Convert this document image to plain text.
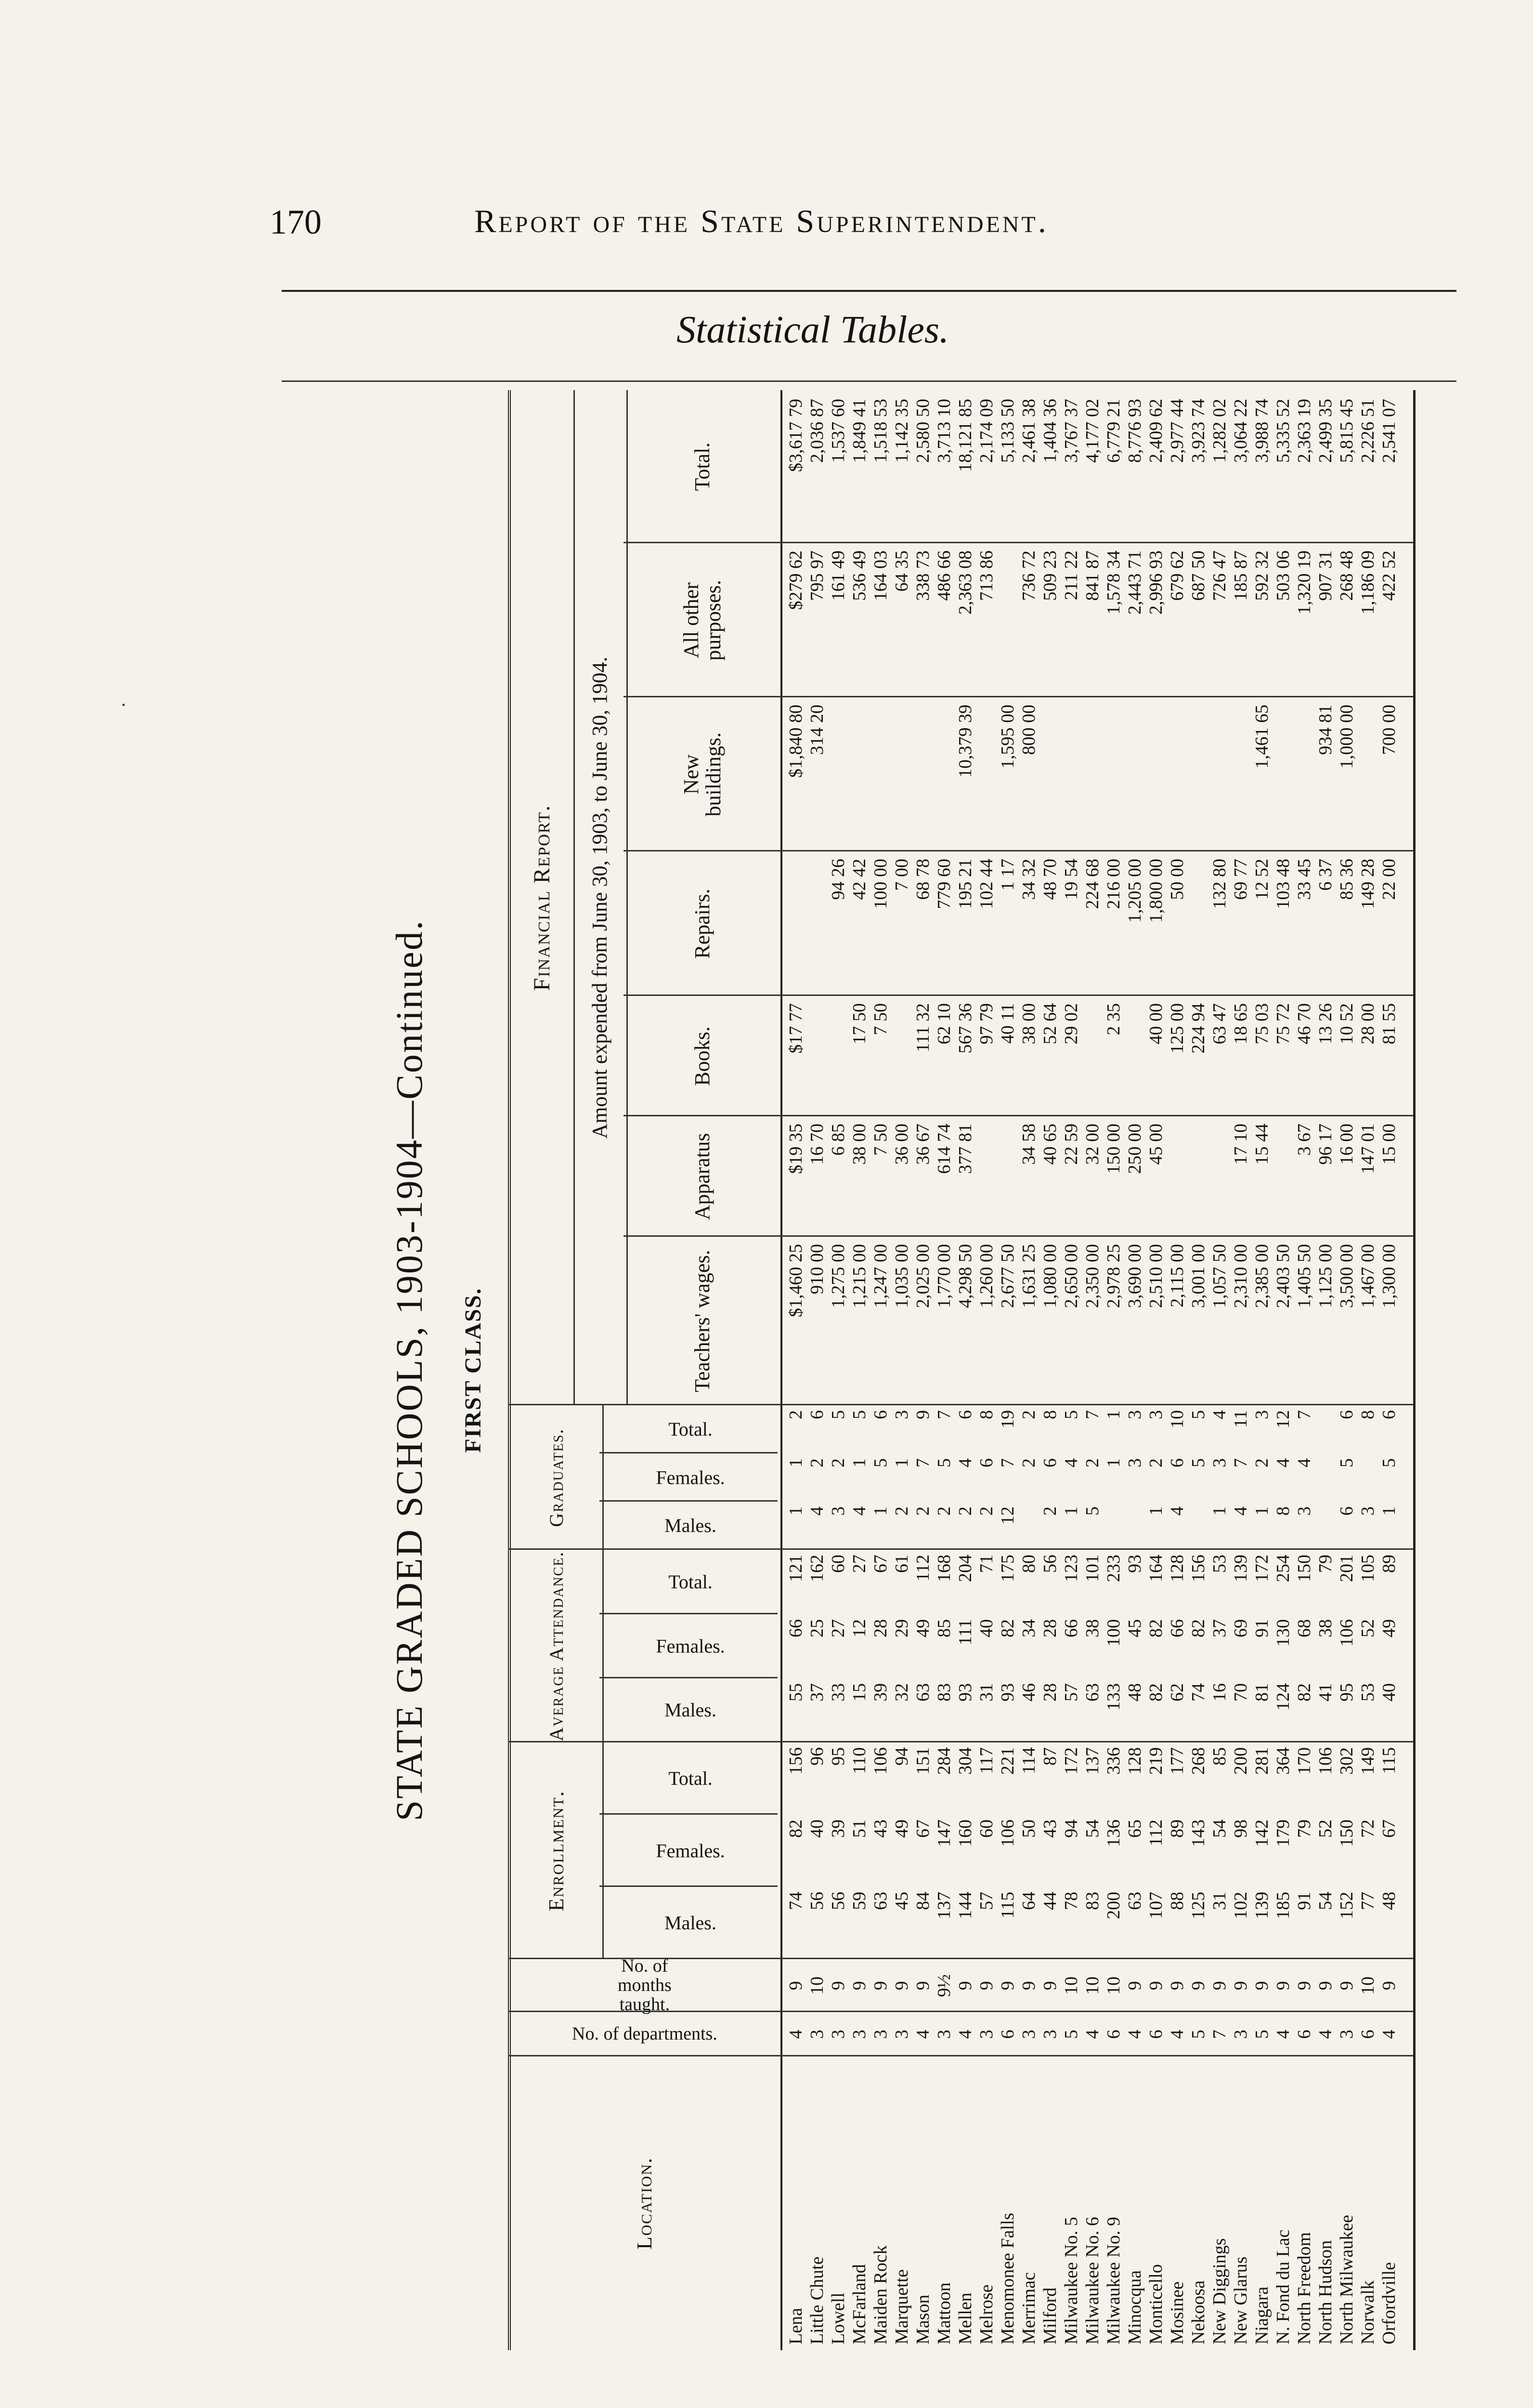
170	Report of the State Superintendent.
Statistical Tables.
STATE GRADED SCHOOLS, 1903-1904—Continued.	FIRST CLASS.
Location.
No. of departments.
No. of months taught.
Enrollment.
Average Attendance.
Graduates.
Financial Report. Amount expended from June 30, 1903, to June 30, 1904.
Males.
Females.
Total.
Males.
Females.
Total.
Males.
Females.
Total.
Teachers' wages.
Apparatus
Books.
Repairs.
New buildings.
All other purposes.
Total.
Lena
4
9
74
82
156
55
66
121
1
1
2
$1,460 25
$19 35
$17 77
$1,840 80
$279 62
$3,617 79
Little Chute
3
10
56
40
96
37
25
162
4
2
6
910 00
16 70
314 20
795 97
2,036 87
Lowell
3
9
56
39
95
33
27
60
3
2
5
1,275 00
6 85
94 26
161 49
1,537 60
McFarland
3
9
59
51
110
15
12
27
4
1
5
1,215 00
38 00
17 50
42 42
536 49
1,849 41
Maiden Rock
3
9
63
43
106
39
28
67
1
5
6
1,247 00
7 50
7 50
100 00
164 03
1,518 53
Marquette
3
9
45
49
94
32
29
61
2
1
3
1,035 00
36 00
7 00
64 35
1,142 35
Mason
4
9
84
67
151
63
49
112
2
7
9
2,025 00
36 67
111 32
68 78
338 73
2,580 50
Mattoon
3
9½
137
147
284
83
85
168
2
5
7
1,770 00
614 74
62 10
779 60
486 66
3,713 10
Mellen
4
9
144
160
304
93
111
204
2
4
6
4,298 50
377 81
567 36
195 21
10,379 39
2,363 08
18,121 85
Melrose
3
9
57
60
117
31
40
71
2
6
8
1,260 00
97 79
102 44
713 86
2,174 09
Menomonee Falls
6
9
115
106
221
93
82
175
12
7
19
2,677 50
40 11
1 17
1,595 00
5,133 50
Merrimac
3
9
64
50
114
46
34
80
2
2
1,631 25
34 58
38 00
34 32
800 00
736 72
2,461 38
Milford
3
9
44
43
87
28
28
56
2
6
8
1,080 00
40 65
52 64
48 70
509 23
1,404 36
Milwaukee No. 5
5
10
78
94
172
57
66
123
1
4
5
2,650 00
22 59
29 02
19 54
211 22
3,767 37
Milwaukee No. 6
4
10
83
54
137
63
38
101
5
2
7
2,350 00
32 00
224 68
841 87
4,177 02
Milwaukee No. 9
6
10
200
136
336
133
100
233
1
1
2,978 25
150 00
2 35
216 00
1,578 34
6,779 21
Minocqua
4
9
63
65
128
48
45
93
3
3
3,690 00
250 00
1,205 00
2,443 71
8,776 93
Monticello
6
9
107
112
219
82
82
164
1
2
3
2,510 00
45 00
40 00
1,800 00
2,996 93
2,409 62
Mosinee
4
9
88
89
177
62
66
128
4
6
10
2,115 00
125 00
50 00
679 62
2,977 44
Nekoosa
5
9
125
143
268
74
82
156
5
5
3,001 00
224 94
687 50
3,923 74
New Diggings
7
9
31
54
85
16
37
53
1
3
4
1,057 50
63 47
132 80
726 47
1,282 02
New Glarus
3
9
102
98
200
70
69
139
4
7
11
2,310 00
17 10
18 65
69 77
185 87
3,064 22
Niagara
5
9
139
142
281
81
91
172
1
2
3
2,385 00
15 44
75 03
12 52
1,461 65
592 32
3,988 74
N. Fond du Lac
4
9
185
179
364
124
130
254
8
4
12
2,403 50
75 72
103 48
503 06
5,335 52
North Freedom
6
9
91
79
170
82
68
150
3
4
7
1,405 50
3 67
46 70
33 45
1,320 19
2,363 19
North Hudson
4
9
54
52
106
41
38
79
1,125 00
96 17
13 26
6 37
934 81
907 31
2,499 35
North Milwaukee
3
9
152
150
302
95
106
201
6
5
6
3,500 00
16 00
10 52
85 36
1,000 00
268 48
5,815 45
Norwalk
6
10
77
72
149
53
52
105
3
8
1,467 00
147 01
28 00
149 28
1,186 09
2,226 51
Orfordville
4
9
48
67
115
40
49
89
1
5
6
1,300 00
15 00
81 55
22 00
700 00
422 52
2,541 07
·
